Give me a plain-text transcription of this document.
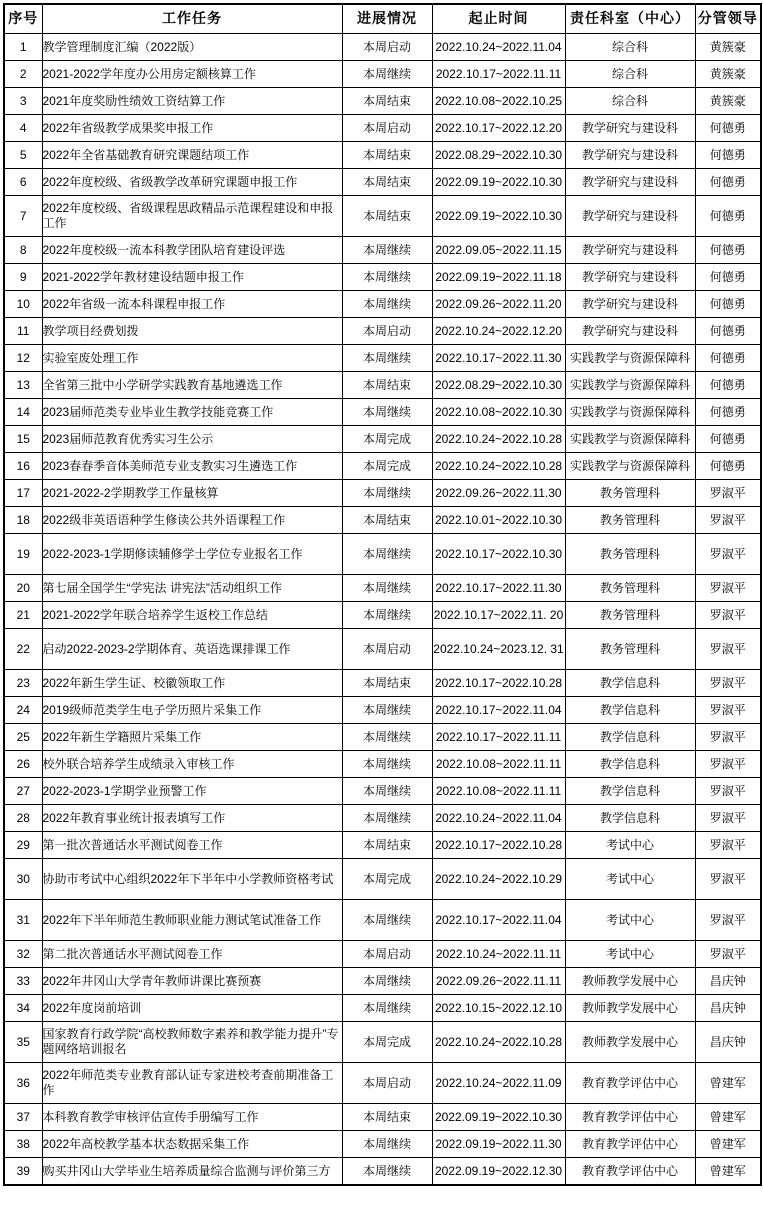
序号	工作任务	进展情况	起止时间	责任科室（中心）	分管领导
1	教学管理制度汇编（2022版）	本周启动	2022.10.24~2022.11.04	综合科	黄簇豪
2	2021-2022学年度办公用房定额核算工作	本周继续	2022.10.17~2022.11.11	综合科	黄簇豪
3	2021年度奖励性绩效工资结算工作	本周结束	2022.10.08~2022.10.25	综合科	黄簇豪
4	2022年省级教学成果奖申报工作	本周启动	2022.10.17~2022.12.20	教学研究与建设科	何德勇
5	2022年全省基础教育研究课题结项工作	本周结束	2022.08.29~2022.10.30	教学研究与建设科	何德勇
6	2022年度校级、省级教学改革研究课题申报工作	本周结束	2022.09.19~2022.10.30	教学研究与建设科	何德勇
7	2022年度校级、省级课程思政精品示范课程建设和申报工作	本周结束	2022.09.19~2022.10.30	教学研究与建设科	何德勇
8	2022年度校级一流本科教学团队培育建设评选	本周继续	2022.09.05~2022.11.15	教学研究与建设科	何德勇
9	2021-2022学年教材建设结题申报工作	本周继续	2022.09.19~2022.11.18	教学研究与建设科	何德勇
10	2022年省级一流本科课程申报工作	本周继续	2022.09.26~2022.11.20	教学研究与建设科	何德勇
11	教学项目经费划拨	本周启动	2022.10.24~2022.12.20	教学研究与建设科	何德勇
12	实验室废处理工作	本周继续	2022.10.17~2022.11.30	实践教学与资源保障科	何德勇
13	全省第三批中小学研学实践教育基地遴选工作	本周结束	2022.08.29~2022.10.30	实践教学与资源保障科	何德勇
14	2023届师范类专业毕业生教学技能竞赛工作	本周继续	2022.10.08~2022.10.30	实践教学与资源保障科	何德勇
15	2023届师范教育优秀实习生公示	本周完成	2022.10.24~2022.10.28	实践教学与资源保障科	何德勇
16	2023春春季音体美师范专业支教实习生遴选工作	本周完成	2022.10.24~2022.10.28	实践教学与资源保障科	何德勇
17	2021-2022-2学期教学工作量核算	本周继续	2022.09.26~2022.11.30	教务管理科	罗淑平
18	2022级非英语语种学生修读公共外语课程工作	本周结束	2022.10.01~2022.10.30	教务管理科	罗淑平
19	2022-2023-1学期修读辅修学士学位专业报名工作	本周继续	2022.10.17~2022.10.30	教务管理科	罗淑平
20	第七届全国学生“学宪法 讲宪法”活动组织工作	本周继续	2022.10.17~2022.11.30	教务管理科	罗淑平
21	2021-2022学年联合培养学生返校工作总结	本周继续	2022.10.17~2022.11. 20	教务管理科	罗淑平
22	启动2022-2023-2学期体育、英语选课排课工作	本周启动	2022.10.24~2023.12. 31	教务管理科	罗淑平
23	2022年新生学生证、校徽领取工作	本周结束	2022.10.17~2022.10.28	教学信息科	罗淑平
24	2019级师范类学生电子学历照片采集工作	本周继续	2022.10.17~2022.11.04	教学信息科	罗淑平
25	2022年新生学籍照片采集工作	本周继续	2022.10.17~2022.11.11	教学信息科	罗淑平
26	校外联合培养学生成绩录入审核工作	本周继续	2022.10.08~2022.11.11	教学信息科	罗淑平
27	2022-2023-1学期学业预警工作	本周继续	2022.10.08~2022.11.11	教学信息科	罗淑平
28	2022年教育事业统计报表填写工作	本周继续	2022.10.24~2022.11.04	教学信息科	罗淑平
29	第一批次普通话水平测试阅卷工作	本周结束	2022.10.17~2022.10.28	考试中心	罗淑平
30	协助市考试中心组织2022年下半年中小学教师资格考试	本周完成	2022.10.24~2022.10.29	考试中心	罗淑平
31	2022年下半年师范生教师职业能力测试笔试准备工作	本周继续	2022.10.17~2022.11.04	考试中心	罗淑平
32	第二批次普通话水平测试阅卷工作	本周启动	2022.10.24~2022.11.11	考试中心	罗淑平
33	2022年井冈山大学青年教师讲课比赛预赛	本周继续	2022.09.26~2022.11.11	教师教学发展中心	昌庆钟
34	2022年度岗前培训	本周继续	2022.10.15~2022.12.10	教师教学发展中心	昌庆钟
35	国家教育行政学院“高校教师数字素养和教学能力提升”专题网络培训报名	本周完成	2022.10.24~2022.10.28	教师教学发展中心	昌庆钟
36	2022年师范类专业教育部认证专家进校考查前期准备工作	本周启动	2022.10.24~2022.11.09	教育教学评估中心	曾建军
37	本科教育教学审核评估宣传手册编写工作	本周结束	2022.09.19~2022.10.30	教育教学评估中心	曾建军
38	2022年高校教学基本状态数据采集工作	本周继续	2022.09.19~2022.11.30	教育教学评估中心	曾建军
39	购买井冈山大学毕业生培养质量综合监测与评价第三方	本周继续	2022.09.19~2022.12.30	教育教学评估中心	曾建军
